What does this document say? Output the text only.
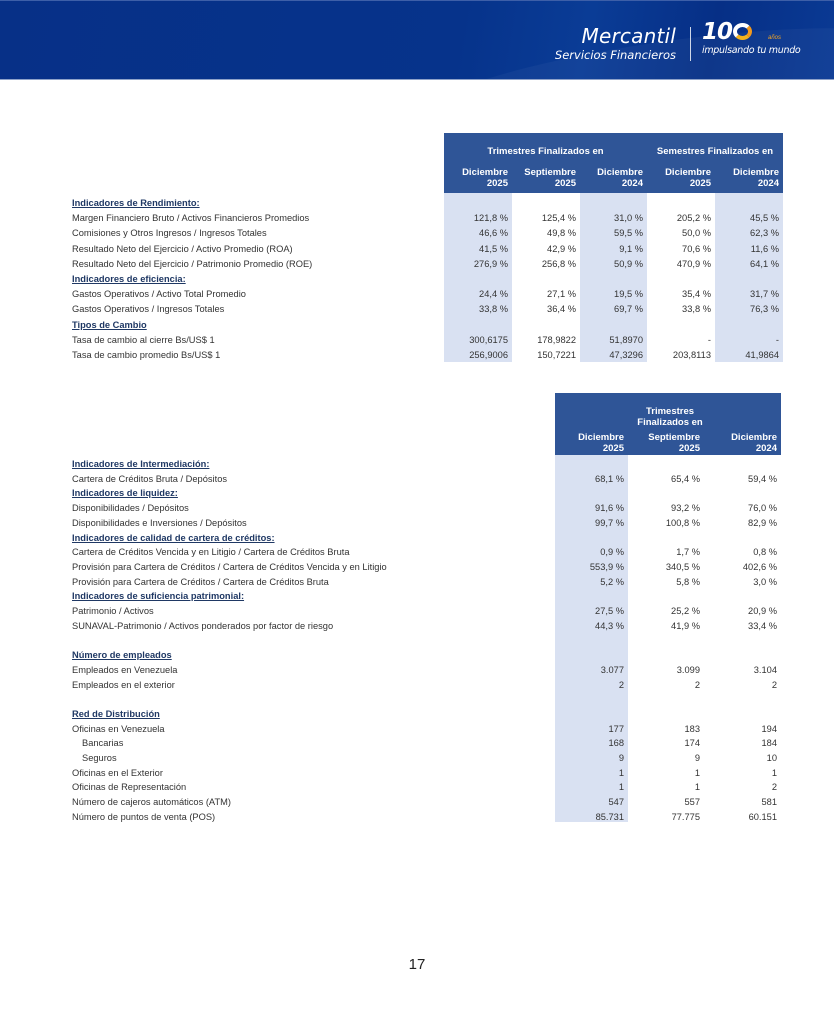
Mercantil
Servicios Financieros
10	años
impulsando tu mundo
Trimestres Finalizados en	Semestres Finalizados en
Diciembre
2025
Septiembre
2025
Diciembre
2024
Diciembre
2025
Diciembre
2024
Indicadores de Rendimiento:
Margen Financiero Bruto / Activos Financieros Promedios	121,8 %	125,4 %	31,0 %	205,2 %	45,5 %
Comisiones y Otros Ingresos / Ingresos Totales	46,6 %	49,8 %	59,5 %	50,0 %	62,3 %
Resultado Neto del Ejercicio / Activo Promedio (ROA)	41,5 %	42,9 %	9,1 %	70,6 %	11,6 %
Resultado Neto del Ejercicio / Patrimonio Promedio (ROE)	276,9 %	256,8 %	50,9 %	470,9 %	64,1 %
Indicadores de eficiencia:
Gastos Operativos / Activo Total Promedio	24,4 %	27,1 %	19,5 %	35,4 %	31,7 %
Gastos Operativos / Ingresos Totales	33,8 %	36,4 %	69,7 %	33,8 %	76,3 %
Tipos de Cambio
Tasa de cambio al cierre Bs/US$ 1	300,6175	178,9822	51,8970	-	-
Tasa de cambio promedio Bs/US$ 1	256,9006	150,7221	47,3296	203,8113	41,9864
Trimestres
Finalizados en
Diciembre
2025
Septiembre
2025
Diciembre
2024
Indicadores de Intermediación:
Cartera de Créditos Bruta / Depósitos	68,1 %	65,4 %	59,4 %
Indicadores de liquidez:
Disponibilidades / Depósitos	91,6 %	93,2 %	76,0 %
Disponibilidades e Inversiones / Depósitos	99,7 %	100,8 %	82,9 %
Indicadores de calidad de cartera de créditos:
Cartera de Créditos Vencida y en Litigio / Cartera de Créditos Bruta	0,9 %	1,7 %	0,8 %
Provisión para Cartera de Créditos / Cartera de Créditos Vencida y en Litigio	553,9 %	340,5 %	402,6 %
Provisión para Cartera de Créditos / Cartera de Créditos Bruta	5,2 %	5,8 %	3,0 %
Indicadores de suficiencia patrimonial:
Patrimonio / Activos	27,5 %	25,2 %	20,9 %
SUNAVAL-Patrimonio / Activos ponderados por factor de riesgo	44,3 %	41,9 %	33,4 %
Número de empleados
Empleados en Venezuela	3.077	3.099	3.104
Empleados en el exterior	2	2	2
Red de Distribución
Oficinas en Venezuela	177	183	194
Bancarias	168	174	184
Seguros	9	9	10
Oficinas en el Exterior	1	1	1
Oficinas de Representación	1	1	2
Número de cajeros automáticos (ATM)	547	557	581
Número de puntos de venta (POS)	85.731	77.775	60.151
17
